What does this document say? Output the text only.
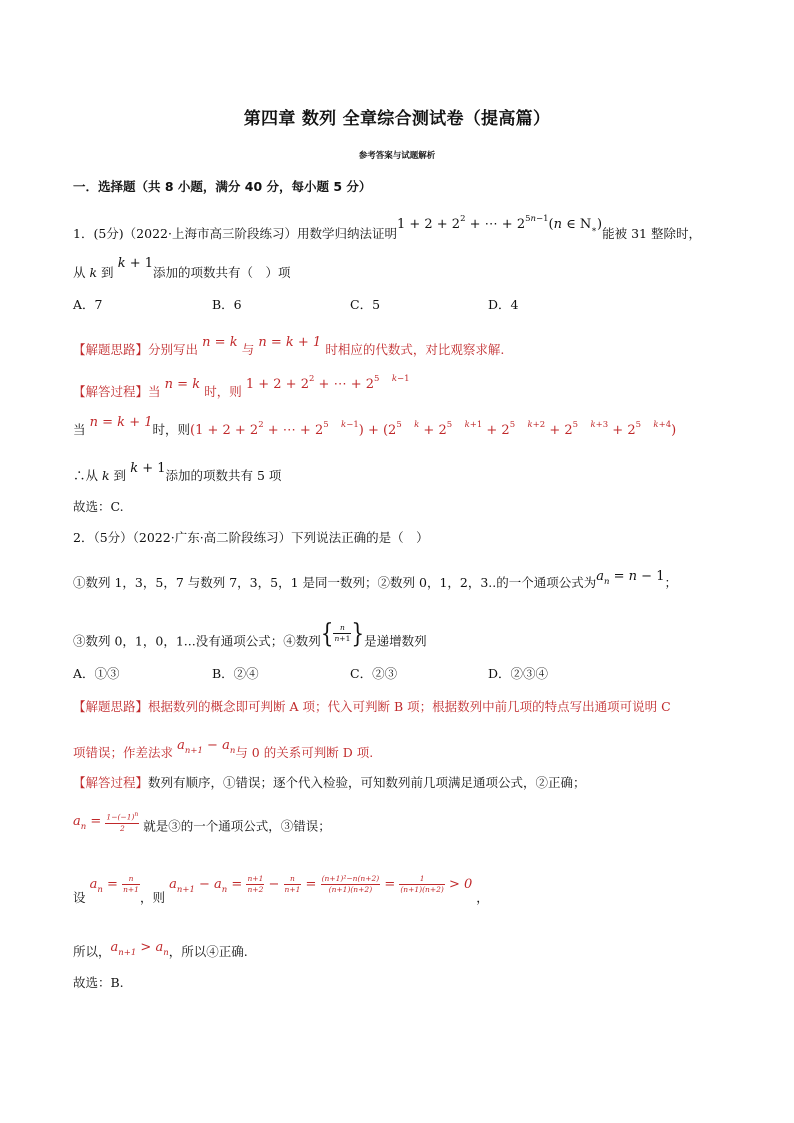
第四章 数列 全章综合测试卷（提高篇）
参考答案与试题解析
一．选择题（共 8 小题，满分 40 分，每小题 5 分）
1．(5分)（2022·上海市高三阶段练习）用数学归纳法证明$1 + 2 + 2^2$ + ⋯ + $2^{5n-1}(n$ ∈ $N_∗$)能被 31 整除时，
从 k 到 k + 1添加的项数共有（　）项
A．7	B．6	C．5	D．4
【解题思路】分别写出 n = k 与 n = k + 1 时相应的代数式，对比观察求解.
【解答过程】当 n = k 时，则 $1 + 2 + 2^2$ + ⋯ + $2^5$ $^{k-1}$
当 n = k + 1时，则($1 + 2 + 2^2$ + ⋯ + $2^5$ $^{k-1}) + (2^5$ $^k + 2^5$ $^{k+1} + 2^5$ $^{k+2} + 2^5$ $^{k+3} + 2^5$ $^{k+4}$)
∴从 k 到 k + 1添加的项数共有 5 项
故选：C.
2．（5分）（2022·广东·高二阶段练习）下列说法正确的是（　）
①数列 1，3，5，7 与数列 7，3，5，1 是同一数列；②数列 0，1，2，3..的一个通项公式为$a_n = n - 1$；
③数列 0，1，0，1...没有通项公式；④数列{ $\frac{n}{n+1}$ }是递增数列
A．①③	B．②④	C．②③	D．②③④
【解题思路】根据数列的概念即可判断 A 项；代入可判断 B 项；根据数列中前几项的特点写出通项可说明 C
项错误；作差法求 $a_{n+1} - a_n$与 0 的关系可判断 D 项.
【解答过程】数列有顺序，①错误；逐个代入检验，可知数列前几项满足通项公式，②正确；
$a_n = \frac{1-(-1)^n}{2}$ 就是③的一个通项公式，③错误；
设 $a_n = \frac{n}{n+1}$
，则 $a_{n+1} - a_n = \frac{n+1}{n+2} - \frac{n}{n+1} = \frac{\text{(n+1)²−n(n+2)}}{(n+1)(n+2)} = \frac{1}{(n+1)(n+2)} > 0$ ，
所以，$a_{n+1} > a_n$，所以④正确.
故选：B.
